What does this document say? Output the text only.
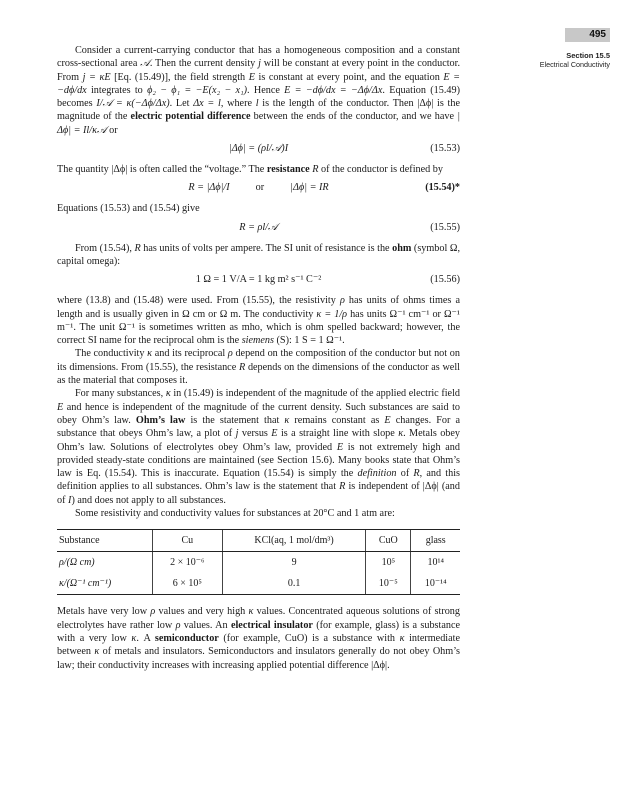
495
Section 15.5
Electrical Conductivity

Consider a current-carrying conductor that has a homogeneous composition and a constant cross-sectional area 𝒜. Then the current density j will be constant at every point in the conductor. From j = κE [Eq. (15.49)], the field strength E is constant at every point, and the equation E = −dϕ/dx integrates to ϕ₂ − ϕ₁ = −E(x₂ − x₁). Hence E = −dϕ/dx = −Δϕ/Δx. Equation (15.49) becomes I/𝒜 = κ(−Δϕ/Δx). Let Δx = l, where l is the length of the conductor. Then |Δϕ| is the magnitude of the electric potential difference between the ends of the conductor, and we have |Δϕ| = Il/κ𝒜 or

|Δϕ| = (ρl/𝒜)I	(15.53)

The quantity |Δϕ| is often called the “voltage.” The resistance R of the conductor is defined by

R = |Δϕ|/I	or	|Δϕ| = IR	(15.54)*

Equations (15.53) and (15.54) give

R = ρl/𝒜	(15.55)

From (15.54), R has units of volts per ampere. The SI unit of resistance is the ohm (symbol Ω, capital omega):

1 Ω = 1 V/A = 1 kg m² s⁻¹ C⁻²	(15.56)

where (13.8) and (15.48) were used. From (15.55), the resistivity ρ has units of ohms times a length and is usually given in Ω cm or Ω m. The conductivity κ = 1/ρ has units Ω⁻¹ cm⁻¹ or Ω⁻¹ m⁻¹. The unit Ω⁻¹ is sometimes written as mho, which is ohm spelled backward; however, the correct SI name for the reciprocal ohm is the siemens (S): 1 S = 1 Ω⁻¹.

The conductivity κ and its reciprocal ρ depend on the composition of the conductor but not on its dimensions. From (15.55), the resistance R depends on the dimensions of the conductor as well as the material that composes it.

For many substances, κ in (15.49) is independent of the magnitude of the applied electric field E and hence is independent of the magnitude of the current density. Such substances are said to obey Ohm’s law. Ohm’s law is the statement that κ remains constant as E changes. For a substance that obeys Ohm’s law, a plot of j versus E is a straight line with slope κ. Metals obey Ohm’s law. Solutions of electrolytes obey Ohm’s law, provided E is not extremely high and provided steady-state conditions are maintained (see Section 15.6). Many books state that Ohm’s law is Eq. (15.54). This is inaccurate. Equation (15.54) is simply the definition of R, and this definition applies to all substances. Ohm’s law is the statement that R is independent of |Δϕ| (and of I) and does not apply to all substances.

Some resistivity and conductivity values for substances at 20°C and 1 atm are:

Substance	Cu	KCl(aq, 1 mol/dm³)	CuO	glass
ρ/(Ω cm)	2 × 10⁻⁶	9	10⁵	10¹⁴
κ/(Ω⁻¹ cm⁻¹)	6 × 10⁵	0.1	10⁻⁵	10⁻¹⁴

Metals have very low ρ values and very high κ values. Concentrated aqueous solutions of strong electrolytes have rather low ρ values. An electrical insulator (for example, glass) is a substance with a very low κ. A semiconductor (for example, CuO) is a substance with κ intermediate between κ of metals and insulators. Semiconductors and insulators generally do not obey Ohm’s law; their conductivity increases with increasing applied potential difference |Δϕ|.
